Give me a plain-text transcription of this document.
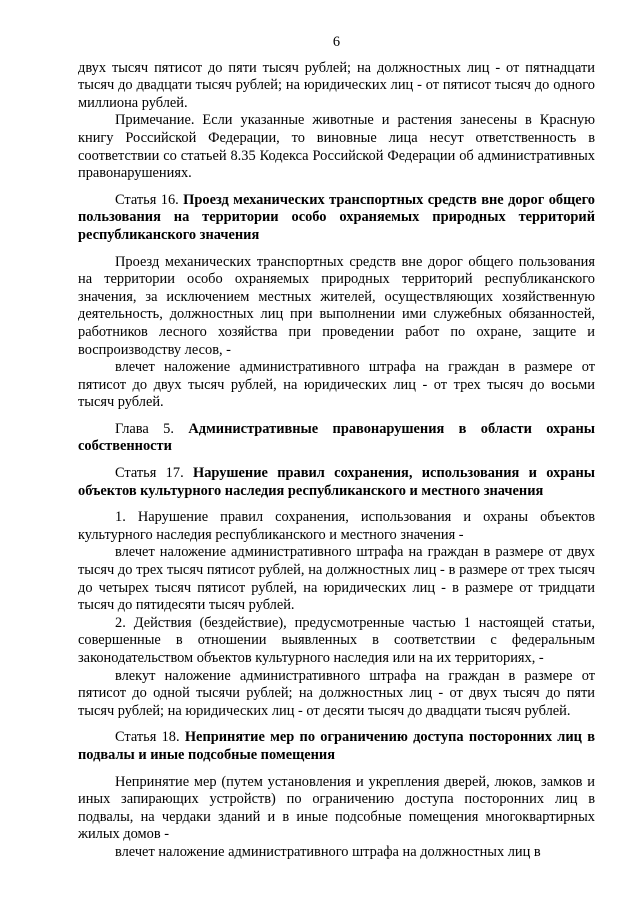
6

двух тысяч пятисот до пяти тысяч рублей; на должностных лиц - от пятнадцати тысяч до двадцати тысяч рублей; на юридических лиц - от пятисот тысяч до одного миллиона рублей.

Примечание. Если указанные животные и растения занесены в Красную книгу Российской Федерации, то виновные лица несут ответственность в соответствии со статьей 8.35 Кодекса Российской Федерации об административных правонарушениях.

Статья 16. Проезд механических транспортных средств вне дорог общего пользования на территории особо охраняемых природных территорий республиканского значения

Проезд механических транспортных средств вне дорог общего пользования на территории особо охраняемых природных территорий республиканского значения, за исключением местных жителей, осуществляющих хозяйственную деятельность, должностных лиц при выполнении ими служебных обязанностей, работников лесного хозяйства при проведении работ по охране, защите и воспроизводству лесов, -

влечет наложение административного штрафа на граждан в размере от пятисот до двух тысяч рублей, на юридических лиц - от трех тысяч до восьми тысяч рублей.

Глава 5. Административные правонарушения в области охраны собственности

Статья 17. Нарушение правил сохранения, использования и охраны объектов культурного наследия республиканского и местного значения

1. Нарушение правил сохранения, использования и охраны объектов культурного наследия республиканского и местного значения -

влечет наложение административного штрафа на граждан в размере от двух тысяч до трех тысяч пятисот рублей, на должностных лиц - в размере от трех тысяч до четырех тысяч пятисот рублей, на юридических лиц - в размере от тридцати тысяч до пятидесяти тысяч рублей.

2. Действия (бездействие), предусмотренные частью 1 настоящей статьи, совершенные в отношении выявленных в соответствии с федеральным законодательством объектов культурного наследия или на их территориях, -

влекут наложение административного штрафа на граждан в размере от пятисот до одной тысячи рублей; на должностных лиц - от двух тысяч до пяти тысяч рублей; на юридических лиц - от десяти тысяч до двадцати тысяч рублей.

Статья 18. Непринятие мер по ограничению доступа посторонних лиц в подвалы и иные подсобные помещения

Непринятие мер (путем установления и укрепления дверей, люков, замков и иных запирающих устройств) по ограничению доступа посторонних лиц в подвалы, на чердаки зданий и в иные подсобные помещения многоквартирных жилых домов -

влечет наложение административного штрафа на должностных лиц в
